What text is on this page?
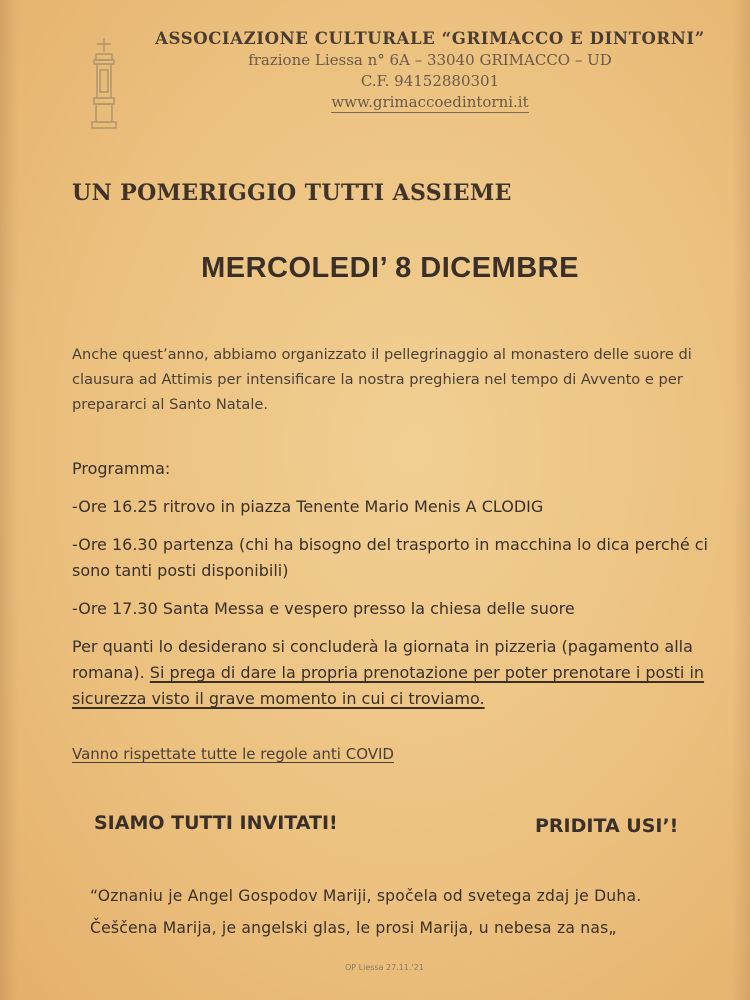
ASSOCIAZIONE CULTURALE “GRIMACCO E DINTORNI”

frazione Liessa n° 6A – 33040 GRIMACCO – UD

C.F. 94152880301

www.grimaccoedintorni.it
UN POMERIGGIO TUTTI ASSIEME
MERCOLEDI’ 8 DICEMBRE

Anche quest’anno, abbiamo organizzato il pellegrinaggio al monastero delle suore di clausura ad Attimis per intensificare la nostra preghiera nel tempo di Avvento e per prepararci al Santo Natale.

Programma:

-Ore 16.25 ritrovo in piazza Tenente Mario Menis A CLODIG

-Ore 16.30 partenza (chi ha bisogno del trasporto in macchina lo dica perché ci sono tanti posti disponibili)

-Ore 17.30 Santa Messa e vespero presso la chiesa delle suore

Per quanti lo desiderano si concluderà la giornata in pizzeria (pagamento alla romana). Si prega di dare la propria prenotazione per poter prenotare i posti in sicurezza visto il grave momento in cui ci troviamo.

Vanno rispettate tutte le regole anti COVID

SIAMO TUTTI INVITATI!	PRIDITA USI’!

“Oznaniu je Angel Gospodov Mariji, spočela od svetega zdaj je Duha.
Češčena Marija, je angelski glas, le prosi Marija, u nebesa za nas„

OP Liessa 27.11.'21
